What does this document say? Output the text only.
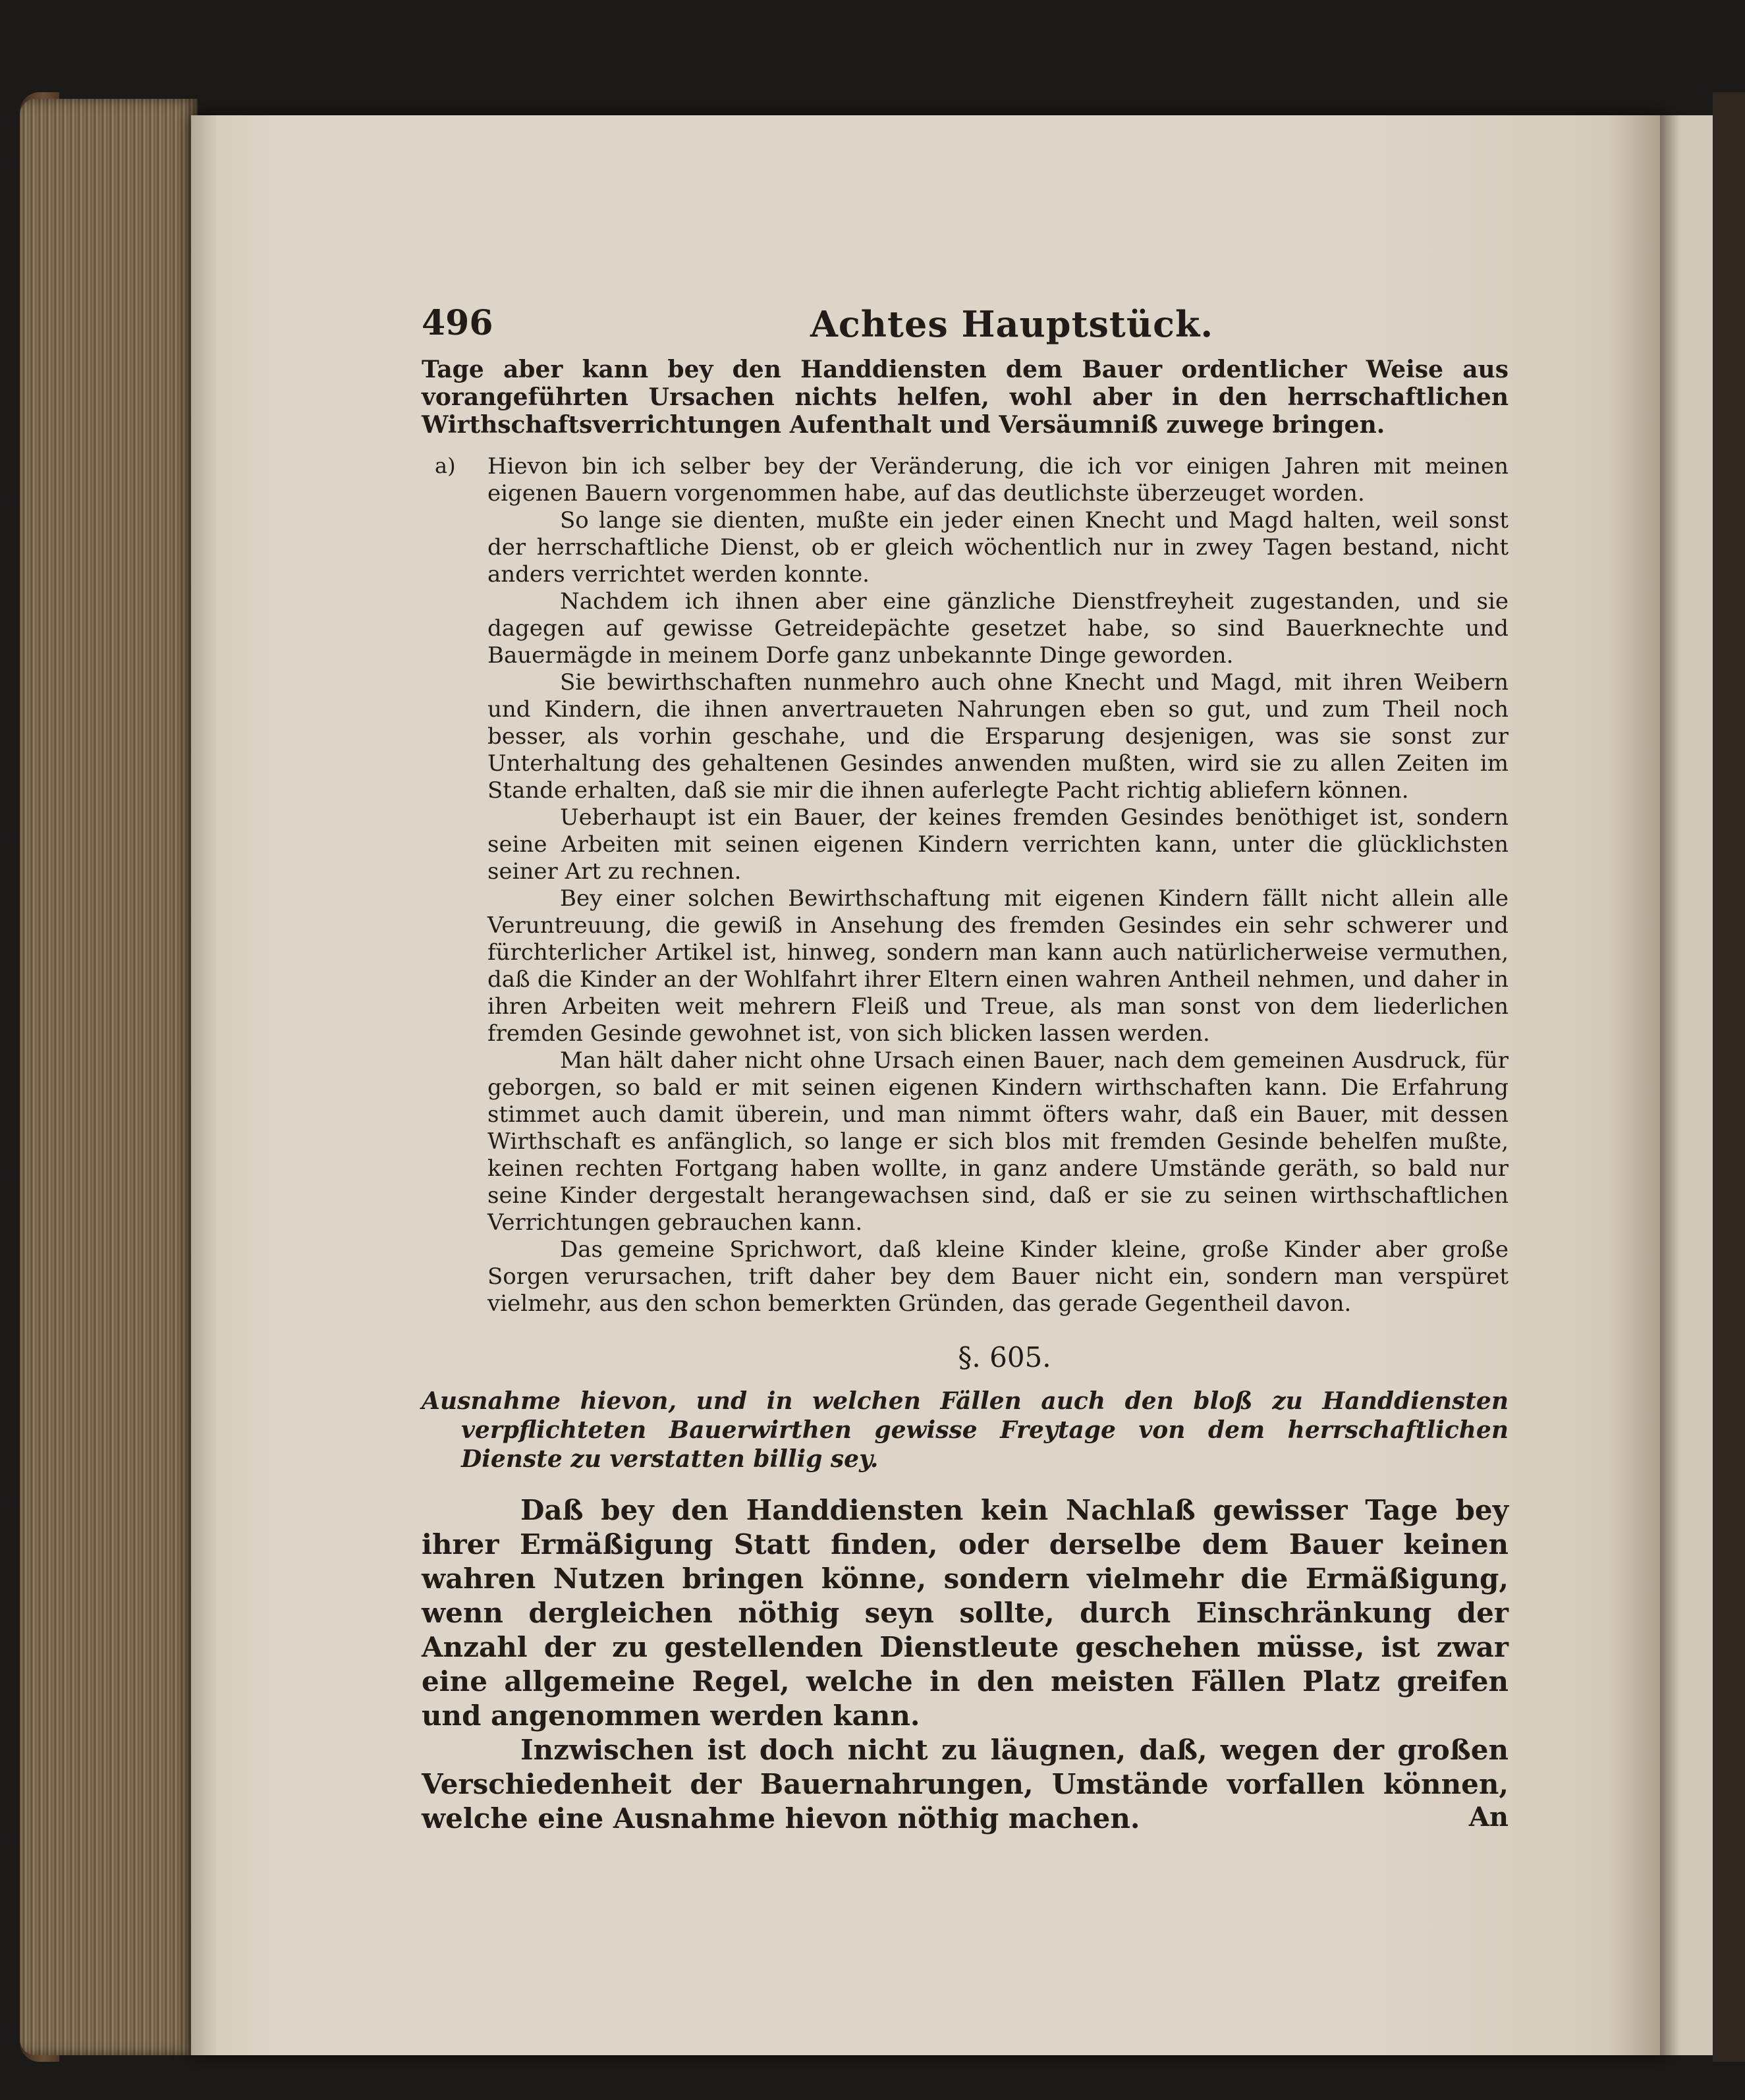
496	Achtes Hauptstück.

Tage aber kann bey den Handdiensten dem Bauer ordentlicher Weise aus vorangeführten Ursachen nichts helfen, wohl aber in den herrschaftlichen Wirthschaftsverrichtungen Aufenthalt und Versäumniß zuwege bringen.

a) Hievon bin ich selber bey der Veränderung, die ich vor einigen Jahren mit meinen eigenen Bauern vorgenommen habe, auf das deutlichste überzeuget worden.

So lange sie dienten, mußte ein jeder einen Knecht und Magd halten, weil sonst der herrschaftliche Dienst, ob er gleich wöchentlich nur in zwey Tagen bestand, nicht anders verrichtet werden konnte.

Nachdem ich ihnen aber eine gänzliche Dienstfreyheit zugestanden, und sie dagegen auf gewisse Getreidepächte gesetzet habe, so sind Bauerknechte und Bauermägde in meinem Dorfe ganz unbekannte Dinge geworden.

Sie bewirthschaften nunmehro auch ohne Knecht und Magd, mit ihren Weibern und Kindern, die ihnen anvertraueten Nahrungen eben so gut, und zum Theil noch besser, als vorhin geschahe, und die Ersparung desjenigen, was sie sonst zur Unterhaltung des gehaltenen Gesindes anwenden mußten, wird sie zu allen Zeiten im Stande erhalten, daß sie mir die ihnen auferlegte Pacht richtig abliefern können.

Ueberhaupt ist ein Bauer, der keines fremden Gesindes benöthiget ist, sondern seine Arbeiten mit seinen eigenen Kindern verrichten kann, unter die glücklichsten seiner Art zu rechnen.

Bey einer solchen Bewirthschaftung mit eigenen Kindern fällt nicht allein alle Veruntreuung, die gewiß in Ansehung des fremden Gesindes ein sehr schwerer und fürchterlicher Artikel ist, hinweg, sondern man kann auch natürlicherweise vermuthen, daß die Kinder an der Wohlfahrt ihrer Eltern einen wahren Antheil nehmen, und daher in ihren Arbeiten weit mehrern Fleiß und Treue, als man sonst von dem liederlichen fremden Gesinde gewohnet ist, von sich blicken lassen werden.

Man hält daher nicht ohne Ursach einen Bauer, nach dem gemeinen Ausdruck, für geborgen, so bald er mit seinen eigenen Kindern wirthschaften kann. Die Erfahrung stimmet auch damit überein, und man nimmt öfters wahr, daß ein Bauer, mit dessen Wirthschaft es anfänglich, so lange er sich blos mit fremden Gesinde behelfen mußte, keinen rechten Fortgang haben wollte, in ganz andere Umstände geräth, so bald nur seine Kinder dergestalt herangewachsen sind, daß er sie zu seinen wirthschaftlichen Verrichtungen gebrauchen kann.

Das gemeine Sprichwort, daß kleine Kinder kleine, große Kinder aber große Sorgen verursachen, trift daher bey dem Bauer nicht ein, sondern man verspüret vielmehr, aus den schon bemerkten Gründen, das gerade Gegentheil davon.

§. 605.

Ausnahme hievon, und in welchen Fällen auch den bloß zu Handdiensten verpflichteten Bauerwirthen gewisse Freytage von dem herrschaftlichen Dienste zu verstatten billig sey.

Daß bey den Handdiensten kein Nachlaß gewisser Tage bey ihrer Ermäßigung Statt finden, oder derselbe dem Bauer keinen wahren Nutzen bringen könne, sondern vielmehr die Ermäßigung, wenn dergleichen nöthig seyn sollte, durch Einschränkung der Anzahl der zu gestellenden Dienstleute geschehen müsse, ist zwar eine allgemeine Regel, welche in den meisten Fällen Platz greifen und angenommen werden kann.

Inzwischen ist doch nicht zu läugnen, daß, wegen der großen Verschiedenheit der Bauernahrungen, Umstände vorfallen können, welche eine Ausnahme hievon nöthig machen.	An
